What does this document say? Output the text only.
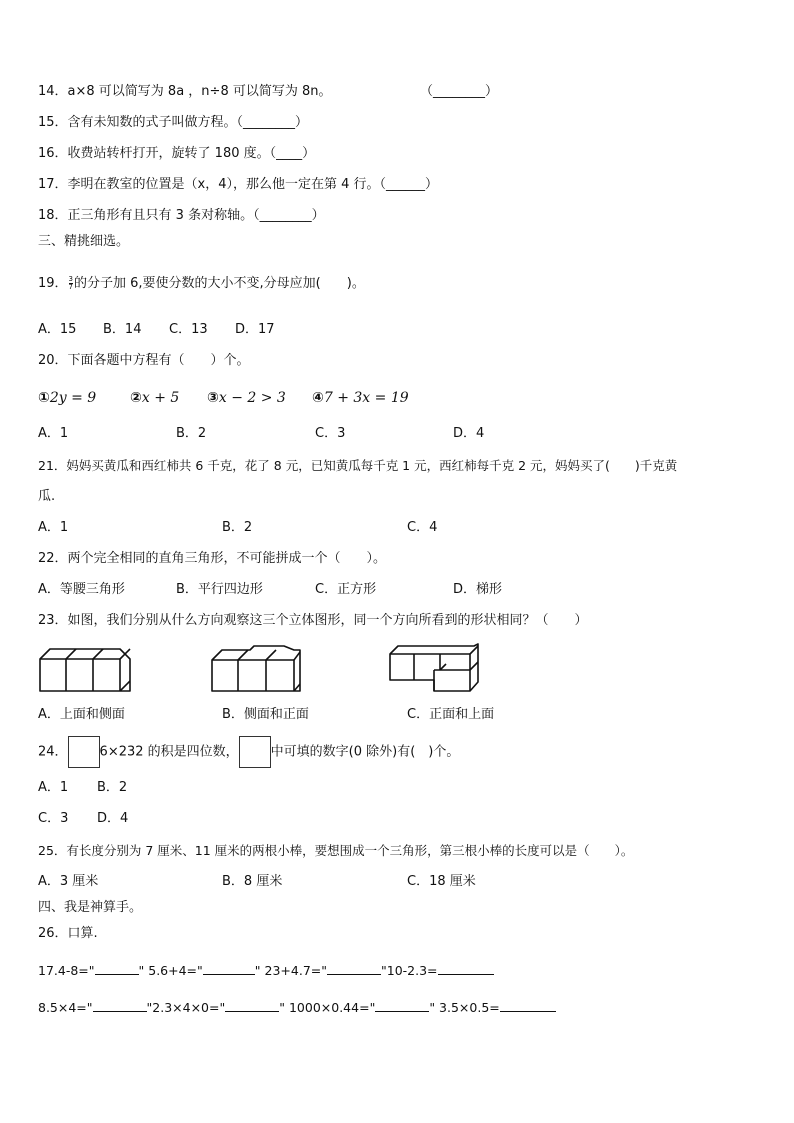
14．a×8 可以简写为 8a ，n÷8 可以简写为 8n。	（________）
15．含有未知数的式子叫做方程。（________）
16．收费站转杆打开，旋转了 180 度。（____）
17．李明在教室的位置是（x，4），那么他一定在第 4 行。（______）
18．正三角形有且只有 3 条对称轴。（________）
三、精挑细选。
19． $\frac{3}{7}$ 的分子加 6,要使分数的大小不变,分母应加(　　)。
A．15 B．14 C．13 D．17
20．下面各题中方程有（　　）个。
①2y = 9 ②x + 5 ③x − 2 > 3 ④7 + 3x = 19
A．1	B．2	C．3	D．4
21．妈妈买黄瓜和西红柿共 6 千克，花了 8 元，已知黄瓜每千克 1 元，西红柿每千克 2 元，妈妈买了(　　)千克黄
瓜.
A．1	B．2	C．4
22．两个完全相同的直角三角形，不可能拼成一个（　　）。
A．等腰三角形	B．平行四边形	C．正方形	D．梯形
23．如图，我们分别从什么方向观察这三个立体图形，同一个方向所看到的形状相同？（　　）
A．上面和侧面	B．侧面和正面	C．正面和上面
24． 6×232 的积是四位数， 中可填的数字(0 除外)有(　)个。
A．1 B．2
C．3 D．4
25．有长度分别为 7 厘米、11 厘米的两根小棒，要想围成一个三角形，第三根小棒的长度可以是（　　）。
A．3 厘米	B．8 厘米	C．18 厘米
四、我是神算手。
26．口算.
17.4-8="	" 5.6+4="	" 23+4.7="	"10-2.3=
8.5×4="	"2.3×4×0="	" 1000×0.44="	" 3.5×0.5=
